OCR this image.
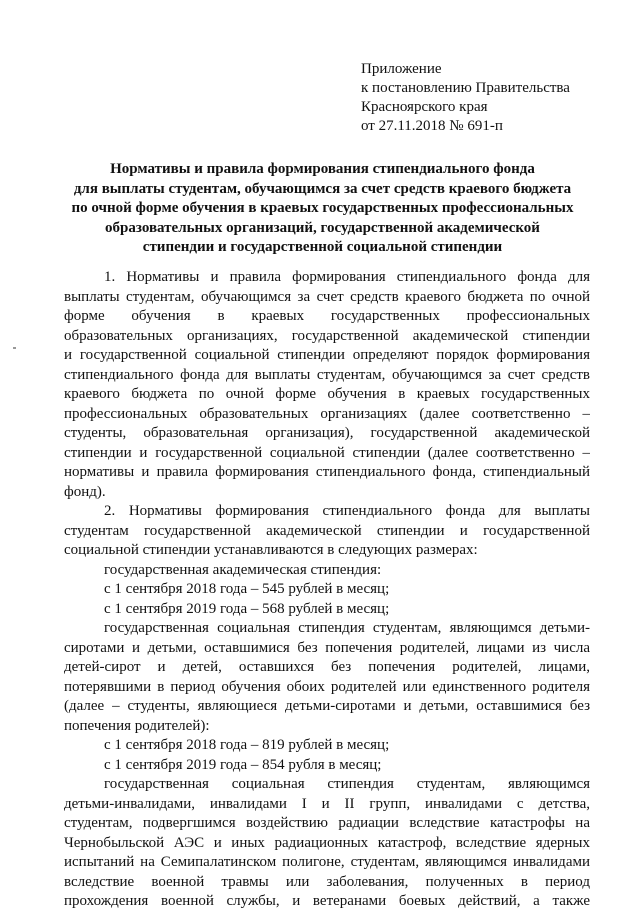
Приложение
к постановлению Правительства
Красноярского края
от 27.11.2018 № 691-п
Нормативы и правила формирования стипендиального фонда
для выплаты студентам, обучающимся за счет средств краевого бюджета
по очной форме обучения в краевых государственных профессиональных
образовательных организаций, государственной академической
стипендии и государственной социальной стипендии
1. Нормативы и правила формирования стипендиального фонда для
выплаты студентам, обучающимся за счет средств краевого бюджета по очной
форме обучения в краевых государственных профессиональных
образовательных организациях, государственной академической стипендии
и государственной социальной стипендии определяют порядок формирования
стипендиального фонда для выплаты студентам, обучающимся за счет средств
краевого бюджета по очной форме обучения в краевых государственных
профессиональных образовательных организациях (далее соответственно –
студенты, образовательная организация), государственной академической
стипендии и государственной социальной стипендии (далее соответственно –
нормативы и правила формирования стипендиального фонда, стипендиальный
фонд).
2. Нормативы формирования стипендиального фонда для выплаты
студентам государственной академической стипендии и государственной
социальной стипендии устанавливаются в следующих размерах:
государственная академическая стипендия:
с 1 сентября 2018 года – 545 рублей в месяц;
с 1 сентября 2019 года – 568 рублей в месяц;
государственная социальная стипендия студентам, являющимся детьми-
сиротами и детьми, оставшимися без попечения родителей, лицами из числа
детей-сирот и детей, оставшихся без попечения родителей, лицами,
потерявшими в период обучения обоих родителей или единственного родителя
(далее – студенты, являющиеся детьми-сиротами и детьми, оставшимися без
попечения родителей):
с 1 сентября 2018 года – 819 рублей в месяц;
с 1 сентября 2019 года – 854 рубля в месяц;
государственная социальная стипендия студентам, являющимся
детьми-инвалидами, инвалидами I и II групп, инвалидами с детства,
студентам, подвергшимся воздействию радиации вследствие катастрофы на
Чернобыльской АЭС и иных радиационных катастроф, вследствие ядерных
испытаний на Семипалатинском полигоне, студентам, являющимся инвалидами
вследствие военной травмы или заболевания, полученных в период
прохождения военной службы, и ветеранами боевых действий, а также
